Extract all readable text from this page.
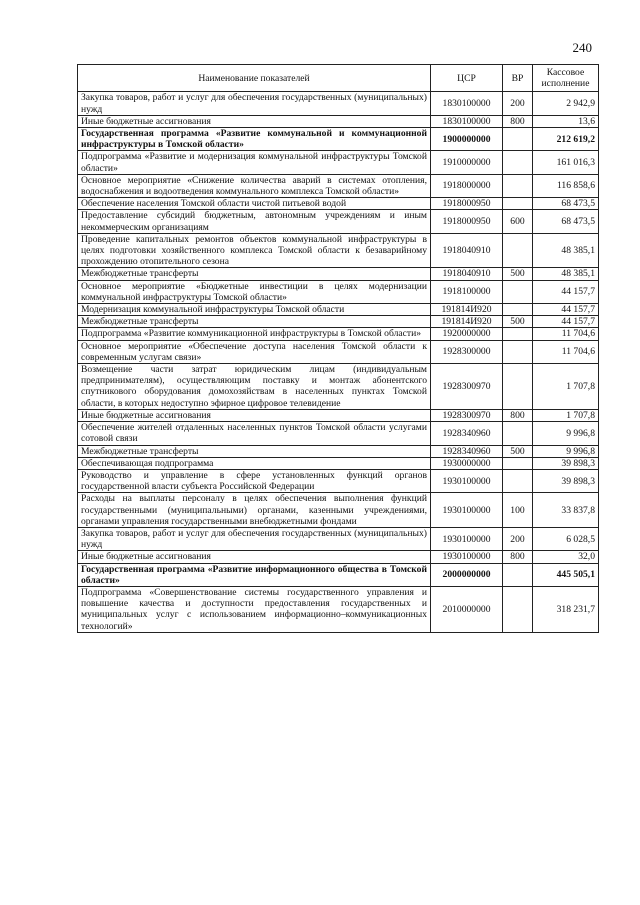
240
Наименование показателей	ЦСР	ВР	Кассовое исполнение
Закупка товаров, работ и услуг для обеспечения государственных (муниципальных) нужд	1830100000	200	2 942,9
Иные бюджетные ассигнования	1830100000	800	13,6
Государственная программа «Развитие коммунальной и коммунационной инфраструктуры в Томской области»	1900000000		212 619,2
Подпрограмма «Развитие и модернизация коммунальной инфраструктуры Томской области»	1910000000		161 016,3
Основное мероприятие «Снижение количества аварий в системах отопления, водоснабжения и водоотведения коммунального комплекса Томской области»	1918000000		116 858,6
Обеспечение населения Томской области чистой питьевой водой	1918000950		68 473,5
Предоставление субсидий бюджетным, автономным учреждениям и иным некоммерческим организациям	1918000950	600	68 473,5
Проведение капитальных ремонтов объектов коммунальной инфраструктуры в целях подготовки хозяйственного комплекса Томской области к безаварийному прохождению отопительного сезона	1918040910		48 385,1
Межбюджетные трансферты	1918040910	500	48 385,1
Основное мероприятие «Бюджетные инвестиции в целях модернизации коммунальной инфраструктуры Томской области»	1918100000		44 157,7
Модернизация коммунальной инфраструктуры Томской области	191814И920		44 157,7
Межбюджетные трансферты	191814И920	500	44 157,7
Подпрограмма «Развитие коммуникационной инфраструктуры в Томской области»	1920000000		11 704,6
Основное мероприятие «Обеспечение доступа населения Томской области к современным услугам связи»	1928300000		11 704,6
Возмещение части затрат юридическим лицам (индивидуальным предпринимателям), осуществляющим поставку и монтаж абонентского спутникового оборудования домохозяйствам в населенных пунктах Томской области, в которых недоступно эфирное цифровое телевидение	1928300970		1 707,8
Иные бюджетные ассигнования	1928300970	800	1 707,8
Обеспечение жителей отдаленных населенных пунктов Томской области услугами сотовой связи	1928340960		9 996,8
Межбюджетные трансферты	1928340960	500	9 996,8
Обеспечивающая подпрограмма	1930000000		39 898,3
Руководство и управление в сфере установленных функций органов государственной власти субъекта Российской Федерации	1930100000		39 898,3
Расходы на выплаты персоналу в целях обеспечения выполнения функций государственными (муниципальными) органами, казенными учреждениями, органами управления государственными внебюджетными фондами	1930100000	100	33 837,8
Закупка товаров, работ и услуг для обеспечения государственных (муниципальных) нужд	1930100000	200	6 028,5
Иные бюджетные ассигнования	1930100000	800	32,0
Государственная программа «Развитие информационного общества в Томской области»	2000000000		445 505,1
Подпрограмма «Совершенствование системы государственного управления и повышение качества и доступности предоставления государственных и муниципальных услуг с использованием информационно–коммуникационных технологий»	2010000000		318 231,7
